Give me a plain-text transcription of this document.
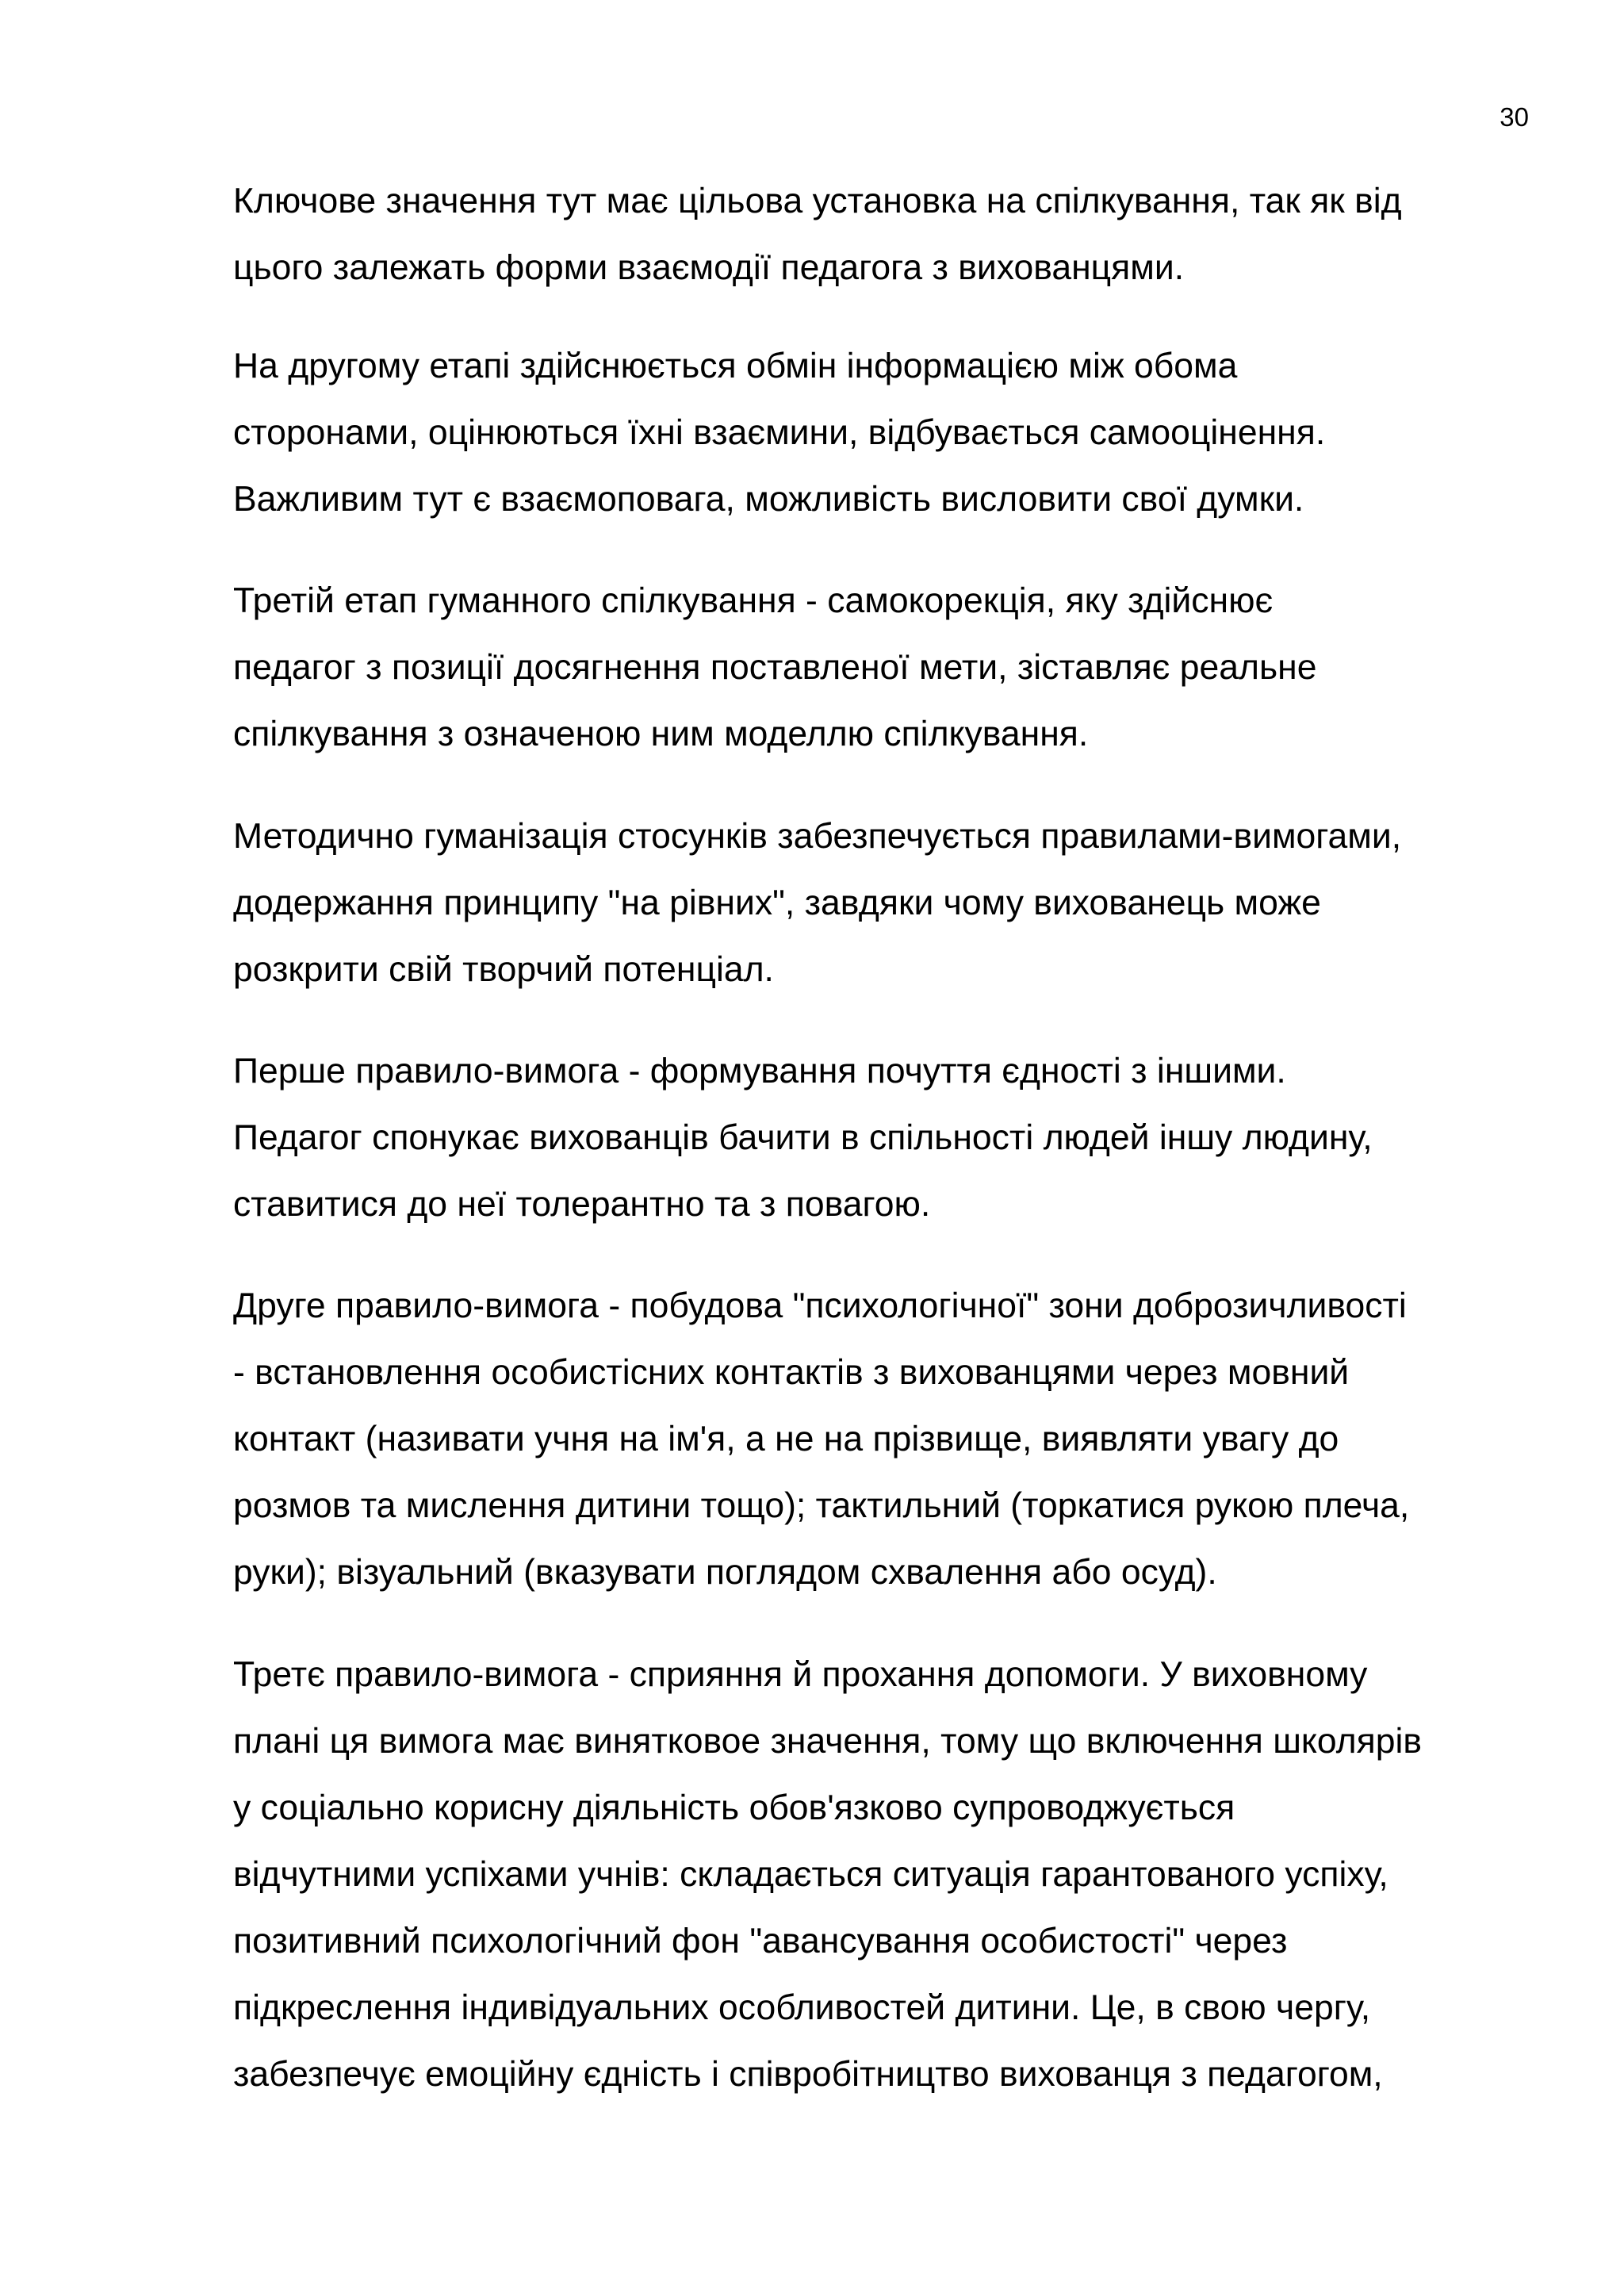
30
Ключове значення тут має цільова установка на спілкування, так як від
цього залежать форми взаємодії педагога з вихованцями.
На другому етапі здійснюється обмін інформацією між обома
сторонами, оцінюються їхні взаємини, відбувається самооцінення.
Важливим тут є взаємоповага, можливість висловити свої думки.
Третій етап гуманного спілкування - самокорекція, яку здійснює
педагог з позиції досягнення поставленої мети, зіставляє реальне
спілкування з означеною ним моделлю спілкування.
Методично гуманізація стосунків забезпечується правилами-вимогами,
додержання принципу "на рівних", завдяки чому вихованець може
розкрити свій творчий потенціал.
Перше правило-вимога - формування почуття єдності з іншими.
Педагог спонукає вихованців бачити в спільності людей іншу людину,
ставитися до неї толерантно та з повагою.
Друге правило-вимога - побудова "психологічної" зони доброзичливості
- встановлення особистісних контактів з вихованцями через мовний
контакт (називати учня на ім'я, а не на прізвище, виявляти увагу до
розмов та мислення дитини тощо); тактильний (торкатися рукою плеча,
руки); візуальний (вказувати поглядом схвалення або осуд).
Третє правило-вимога - сприяння й прохання допомоги. У виховному
плані ця вимога має винятковое значення, тому що включення школярів
у соціально корисну діяльність обов'язково супроводжується
відчутними успіхами учнів: складається ситуація гарантованого успіху,
позитивний психологічний фон "авансування особистості" через
підкреслення індивідуальних особливостей дитини. Це, в свою чергу,
забезпечує емоційну єдність і співробітництво вихованця з педагогом,
